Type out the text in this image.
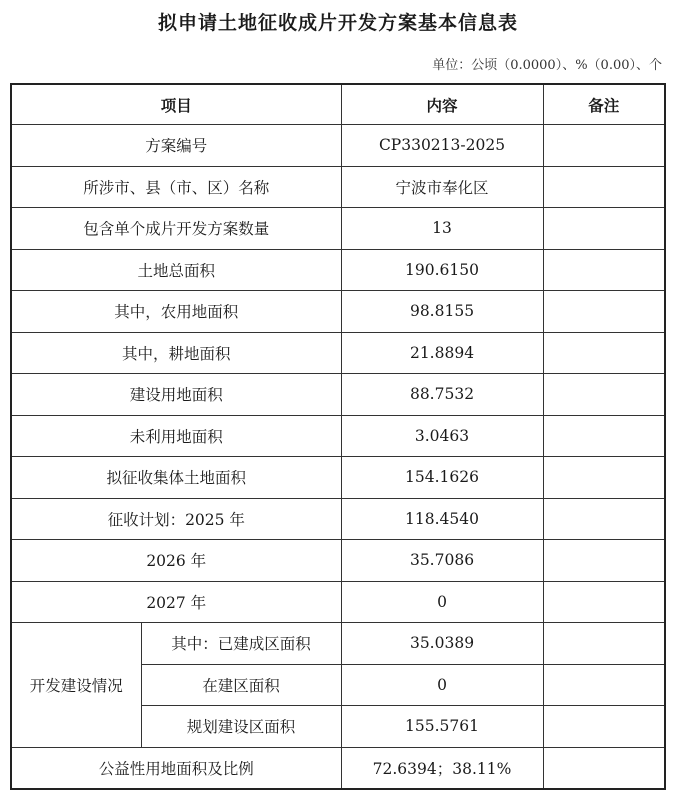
拟申请土地征收成片开发方案基本信息表
单位：公顷（0.0000）、%（0.00）、个
项目		内容	备注
方案编号		CP330213-2025	
所涉市、县（市、区）名称		宁波市奉化区	
包含单个成片开发方案数量		13	
土地总面积		190.6150	
其中，农用地面积		98.8155	
其中，耕地面积		21.8894	
建设用地面积		88.7532	
未利用地面积		3.0463	
拟征收集体土地面积		154.1626	
征收计划：2025 年		118.4540	
2026 年		35.7086	
2027 年		0	
开发建设情况	其中：已建成区面积	35.0389	
	在建区面积	0	
	规划建设区面积	155.5761	
公益性用地面积及比例		72.6394；38.11%	
